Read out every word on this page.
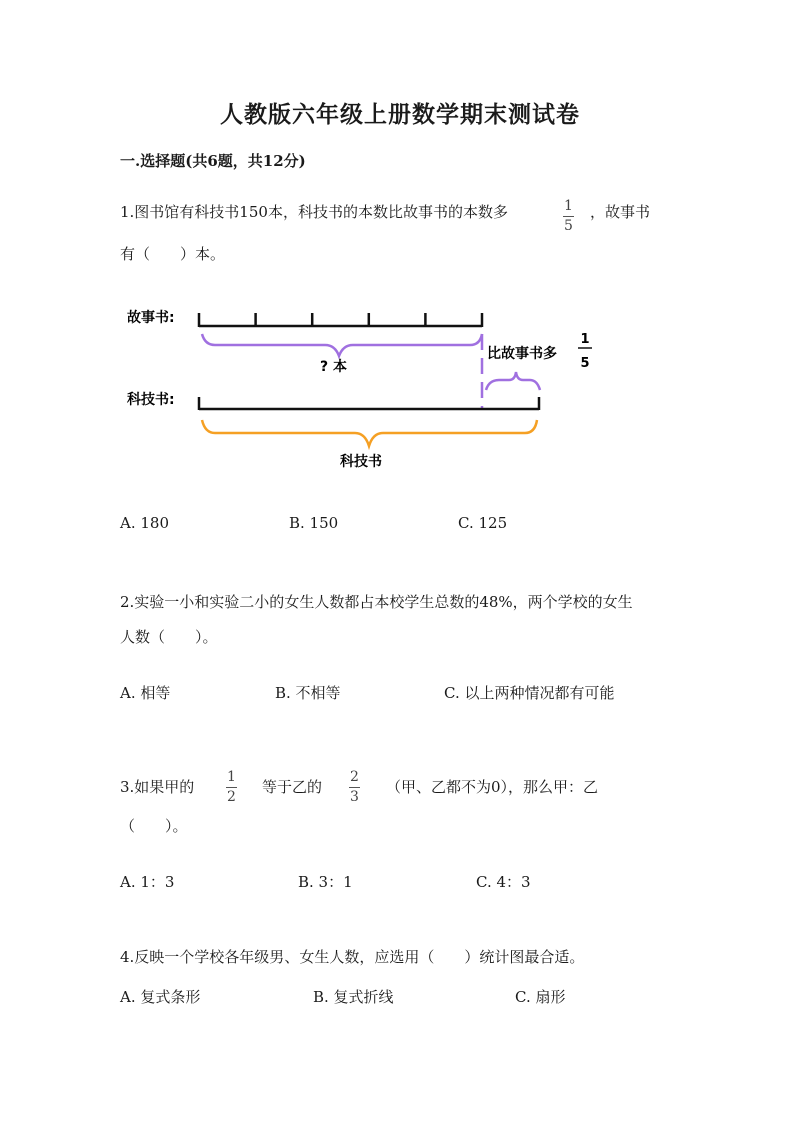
人教版六年级上册数学期末测试卷
一.选择题(共6题，共12分)
1.图书馆有科技书150本，科技书的本数比故事书的本数多	1
5
，故事书
有（　　）本。
故事书:
? 本
比故事书多
1
5
科技书:
科技书
A. 180	B. 150	C. 125
2.实验一小和实验二小的女生人数都占本校学生总数的48%，两个学校的女生
人数（　　）。
A. 相等	B. 不相等	C. 以上两种情况都有可能
3.如果甲的
1
2
等于乙的
2
3
（甲、乙都不为0），那么甲：乙
（　　）。
A. 1：3	B. 3：1	C. 4：3
4.反映一个学校各年级男、女生人数，应选用（　　）统计图最合适。
A. 复式条形	B. 复式折线	C. 扇形
